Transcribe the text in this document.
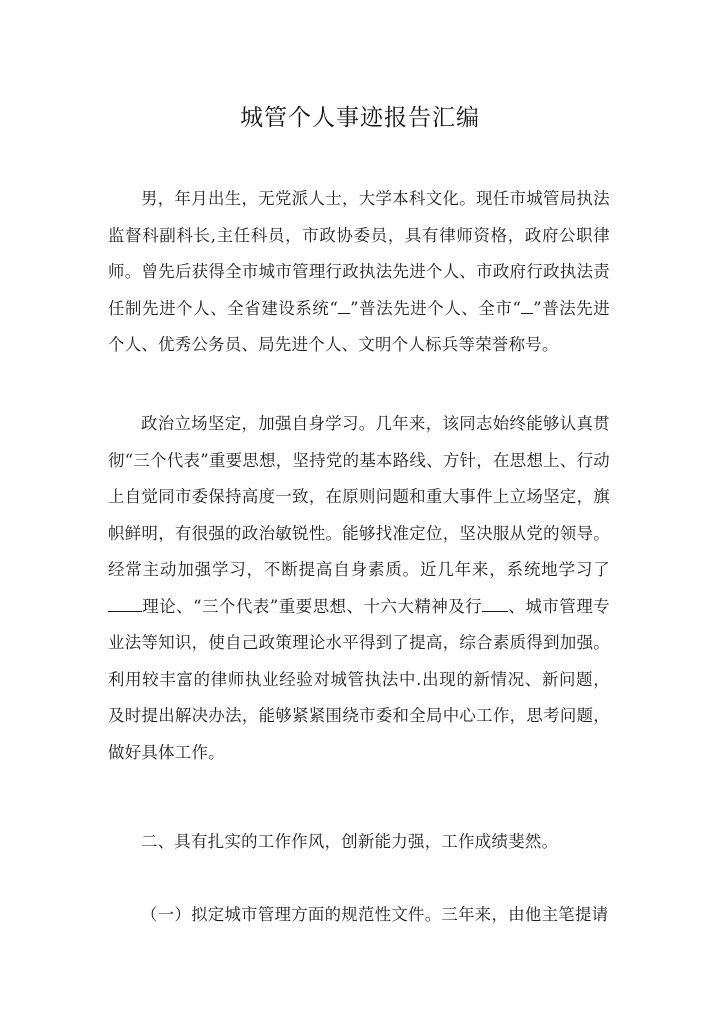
城管个人事迹报告汇编

男，年月出生，无党派人士，大学本科文化。现任市城管局执法监督科副科长,主任科员，市政协委员，具有律师资格，政府公职律师。曾先后获得全市城市管理行政执法先进个人、市政府行政执法责任制先进个人、全省建设系统“ ”普法先进个人、全市“ ”普法先进个人、优秀公务员、局先进个人、文明个人标兵等荣誉称号。

政治立场坚定，加强自身学习。几年来，该同志始终能够认真贯彻“三个代表”重要思想，坚持党的基本路线、方针，在思想上、行动上自觉同市委保持高度一致，在原则问题和重大事件上立场坚定，旗帜鲜明，有很强的政治敏锐性。能够找准定位，坚决服从党的领导。经常主动加强学习，不断提高自身素质。近几年来，系统地学习了理论、“三个代表”重要思想、十六大精神及行 、城市管理专业法等知识，使自己政策理论水平得到了提高，综合素质得到加强。利用较丰富的律师执业经验对城管执法中.出现的新情况、新问题，及时提出解决办法，能够紧紧围绕市委和全局中心工作，思考问题，做好具体工作。

二、具有扎实的工作作风，创新能力强，工作成绩斐然。

（一）拟定城市管理方面的规范性文件。三年来，由他主笔提请
